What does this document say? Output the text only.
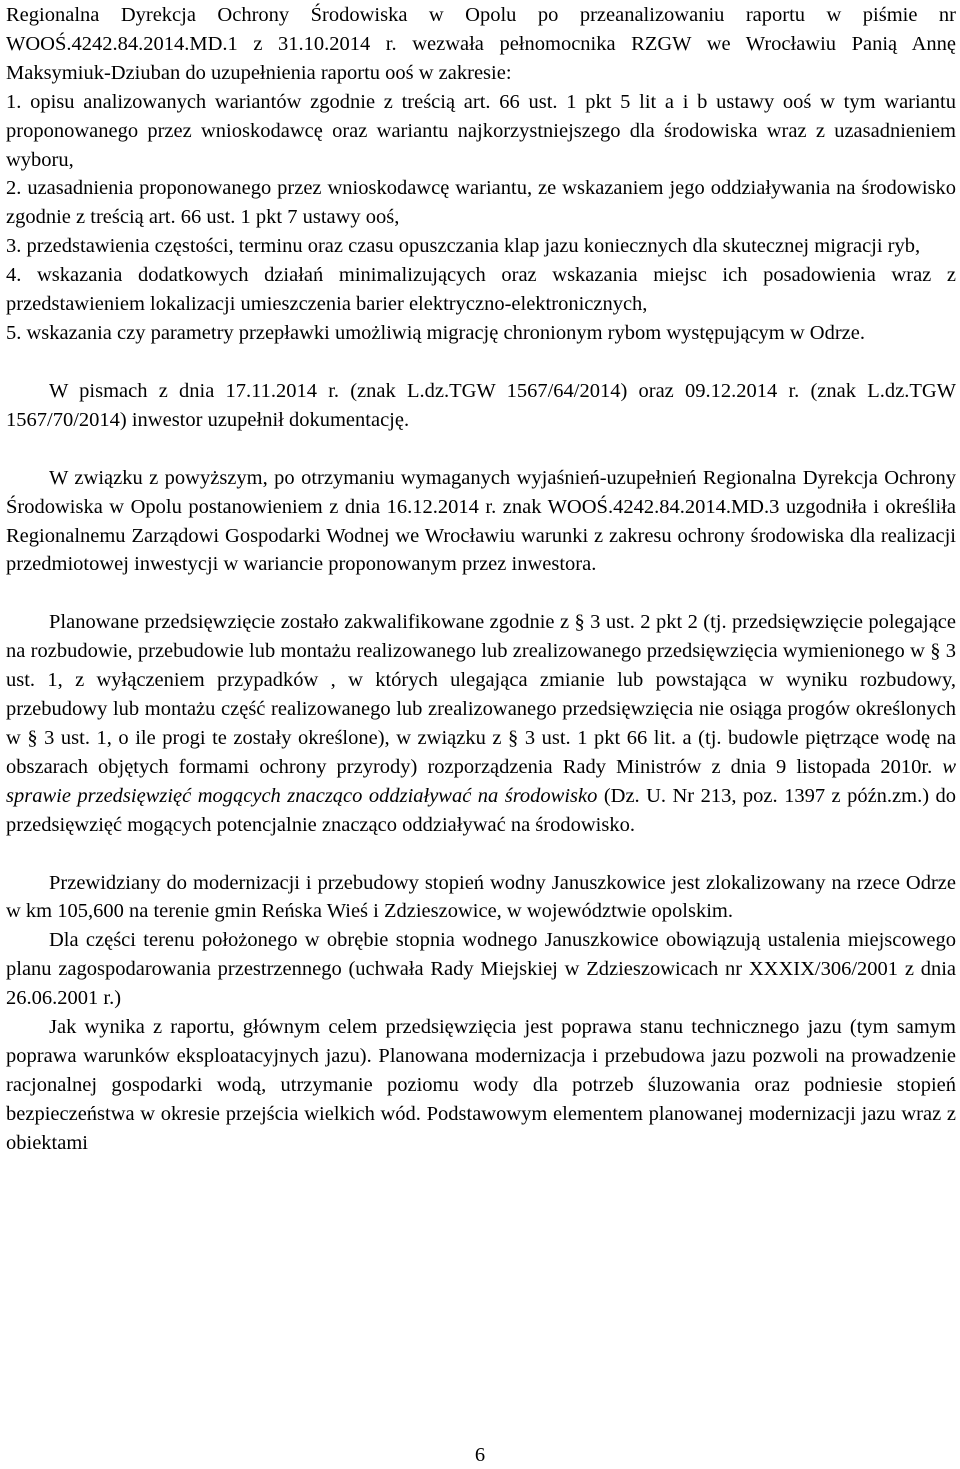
Regionalna Dyrekcja Ochrony Środowiska w Opolu po przeanalizowaniu raportu w piśmie nr WOOŚ.4242.84.2014.MD.1 z 31.10.2014 r. wezwała pełnomocnika RZGW we Wrocławiu Panią Annę Maksymiuk-Dziuban do uzupełnienia raportu ooś w zakresie:

1. opisu analizowanych wariantów zgodnie z treścią art. 66 ust. 1 pkt 5 lit a i b ustawy ooś w tym wariantu proponowanego przez wnioskodawcę oraz wariantu najkorzystniejszego dla środowiska wraz z uzasadnieniem wyboru,

2. uzasadnienia proponowanego przez wnioskodawcę wariantu, ze wskazaniem jego oddziaływania na środowisko zgodnie z treścią art. 66 ust. 1 pkt 7 ustawy ooś,

3. przedstawienia częstości, terminu oraz czasu opuszczania klap jazu koniecznych dla skutecznej migracji ryb,

4. wskazania dodatkowych działań minimalizujących oraz wskazania miejsc ich posadowienia wraz z przedstawieniem lokalizacji umieszczenia barier elektryczno-elektronicznych,

5. wskazania czy parametry przepławki umożliwią migrację chronionym rybom występującym w Odrze.

W pismach z dnia 17.11.2014 r. (znak L.dz.TGW 1567/64/2014) oraz 09.12.2014 r. (znak L.dz.TGW 1567/70/2014) inwestor uzupełnił dokumentację.

W związku z powyższym, po otrzymaniu wymaganych wyjaśnień-uzupełnień Regionalna Dyrekcja Ochrony Środowiska w Opolu postanowieniem z dnia 16.12.2014 r. znak WOOŚ.4242.84.2014.MD.3 uzgodniła i określiła Regionalnemu Zarządowi Gospodarki Wodnej we Wrocławiu warunki z zakresu ochrony środowiska dla realizacji przedmiotowej inwestycji w wariancie proponowanym przez inwestora.

Planowane przedsięwzięcie zostało zakwalifikowane zgodnie z § 3 ust. 2 pkt 2 (tj. przedsięwzięcie polegające na rozbudowie, przebudowie lub montażu realizowanego lub zrealizowanego przedsięwzięcia wymienionego w § 3 ust. 1, z wyłączeniem przypadków , w których ulegająca zmianie lub powstająca w wyniku rozbudowy, przebudowy lub montażu część realizowanego lub zrealizowanego przedsięwzięcia nie osiąga progów określonych w § 3 ust. 1, o ile progi te zostały określone), w związku z § 3 ust. 1 pkt 66 lit. a (tj. budowle piętrzące wodę na obszarach objętych formami ochrony przyrody) rozporządzenia Rady Ministrów z dnia 9 listopada 2010r. w sprawie przedsięwzięć mogących znacząco oddziaływać na środowisko (Dz. U. Nr 213, poz. 1397 z późn.zm.) do przedsięwzięć mogących potencjalnie znacząco oddziaływać na środowisko.

Przewidziany do modernizacji i przebudowy stopień wodny Januszkowice jest zlokalizowany na rzece Odrze w km 105,600 na terenie gmin Reńska Wieś i Zdzieszowice, w województwie opolskim.

Dla części terenu położonego w obrębie stopnia wodnego Januszkowice obowiązują ustalenia miejscowego planu zagospodarowania przestrzennego (uchwała Rady Miejskiej w Zdzieszowicach nr XXXIX/306/2001 z dnia 26.06.2001 r.)

Jak wynika z raportu, głównym celem przedsięwzięcia jest poprawa stanu technicznego jazu (tym samym poprawa warunków eksploatacyjnych jazu). Planowana modernizacja i przebudowa jazu pozwoli na prowadzenie racjonalnej gospodarki wodą, utrzymanie poziomu wody dla potrzeb śluzowania oraz podniesie stopień bezpieczeństwa w okresie przejścia wielkich wód. Podstawowym elementem planowanej modernizacji jazu wraz z obiektami

6
